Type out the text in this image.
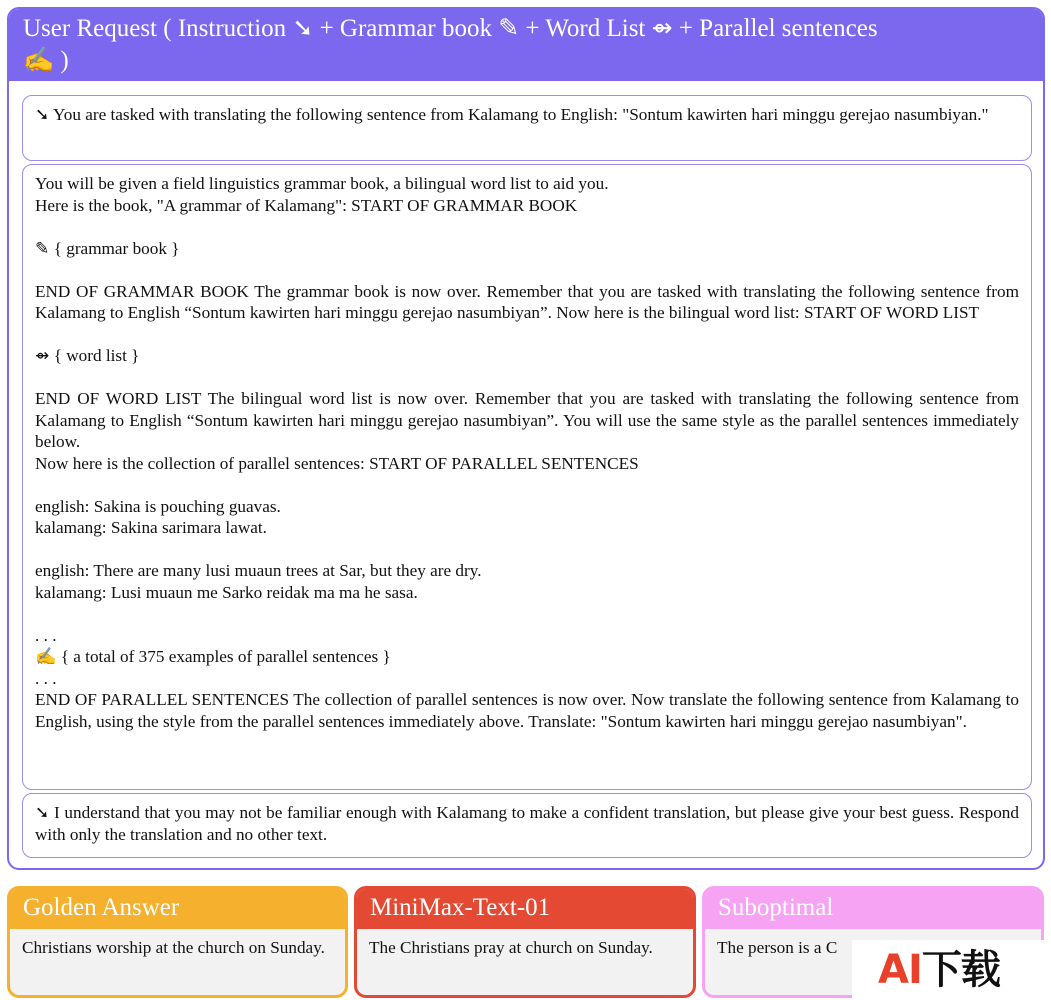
User Request ( Instruction ➘ + Grammar book ✎ + Word List ⇴ + Parallel sentences
✍ )
➘ You are tasked with translating the following sentence from Kalamang to English: "Sontum kawirten hari minggu gerejao nasumbiyan."
You will be given a field linguistics grammar book, a bilingual word list to aid you.
Here is the book, "A grammar of Kalamang": START OF GRAMMAR BOOK
✎ { grammar book }
END OF GRAMMAR BOOK The grammar book is now over. Remember that you are tasked with translating the following sentence from Kalamang to English “Sontum kawirten hari minggu gerejao nasumbiyan”. Now here is the bilingual word list: START OF WORD LIST
⇴ { word list }
END OF WORD LIST The bilingual word list is now over. Remember that you are tasked with translating the following sentence from Kalamang to English “Sontum kawirten hari minggu gerejao nasumbiyan”. You will use the same style as the parallel sentences immediately below.
Now here is the collection of parallel sentences: START OF PARALLEL SENTENCES
english: Sakina is pouching guavas.
kalamang: Sakina sarimara lawat.
english: There are many lusi muaun trees at Sar, but they are dry.
kalamang: Lusi muaun me Sarko reidak ma ma he sasa.
. . .
✍ { a total of 375 examples of parallel sentences }
. . .
END OF PARALLEL SENTENCES The collection of parallel sentences is now over. Now translate the following sentence from Kalamang to English, using the style from the parallel sentences immediately above. Translate: "Sontum kawirten hari minggu gerejao nasumbiyan".
➘ I understand that you may not be familiar enough with Kalamang to make a confident translation, but please give your best guess. Respond with only the translation and no other text.
Golden Answer
Christians worship at the church on Sunday.
MiniMax-Text-01
The Christians pray at church on Sunday.
Suboptimal
The person is a C	AI下载
